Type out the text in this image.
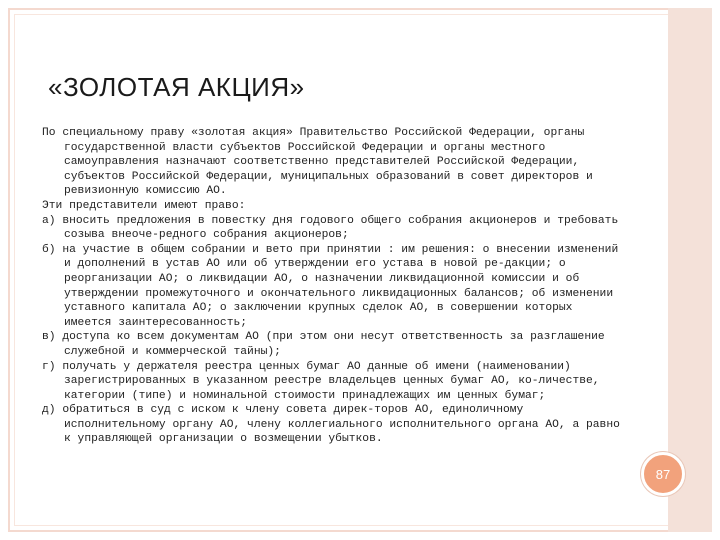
«ЗОЛОТАЯ АКЦИЯ»

По специальному праву «золотая акция» Правительство Российской Федерации, органы государственной власти субъектов Российской Федерации и органы местного самоуправления назначают соответственно представителей Российской Федерации, субъектов Российской Федерации, муниципальных образований в совет директоров и ревизионную комиссию АО.

Эти представители имеют право:

а) вносить предложения в повестку дня годового общего собрания акционеров и требовать созыва внеоче-редного собрания акционеров;

б) на участие в общем собрании и вето при принятии : им решения: о внесении изменений и дополнений в устав АО или об утверждении его устава в новой ре-дакции; о реорганизации АО; о ликвидации АО, о назначении ликвидационной комиссии и об утверждении промежуточного и окончательного ликвидационных балансов; об изменении уставного капитала АО; о заключении крупных сделок АО, в совершении которых имеется заинтересованность;

в) доступа ко всем документам АО (при этом они несут ответственность за разглашение служебной и коммерческой тайны);

г) получать у держателя реестра ценных бумаг АО данные об имени (наименовании) зарегистрированных в указанном реестре владельцев ценных бумаг АО, ко-личестве, категории (типе) и номинальной стоимости принадлежащих им ценных бумаг;

д) обратиться в суд с иском к члену совета дирек-торов АО, единоличному исполнительному органу АО, члену коллегиального исполнительного органа АО, а равно к управляющей организации о возмещении убытков.

87
